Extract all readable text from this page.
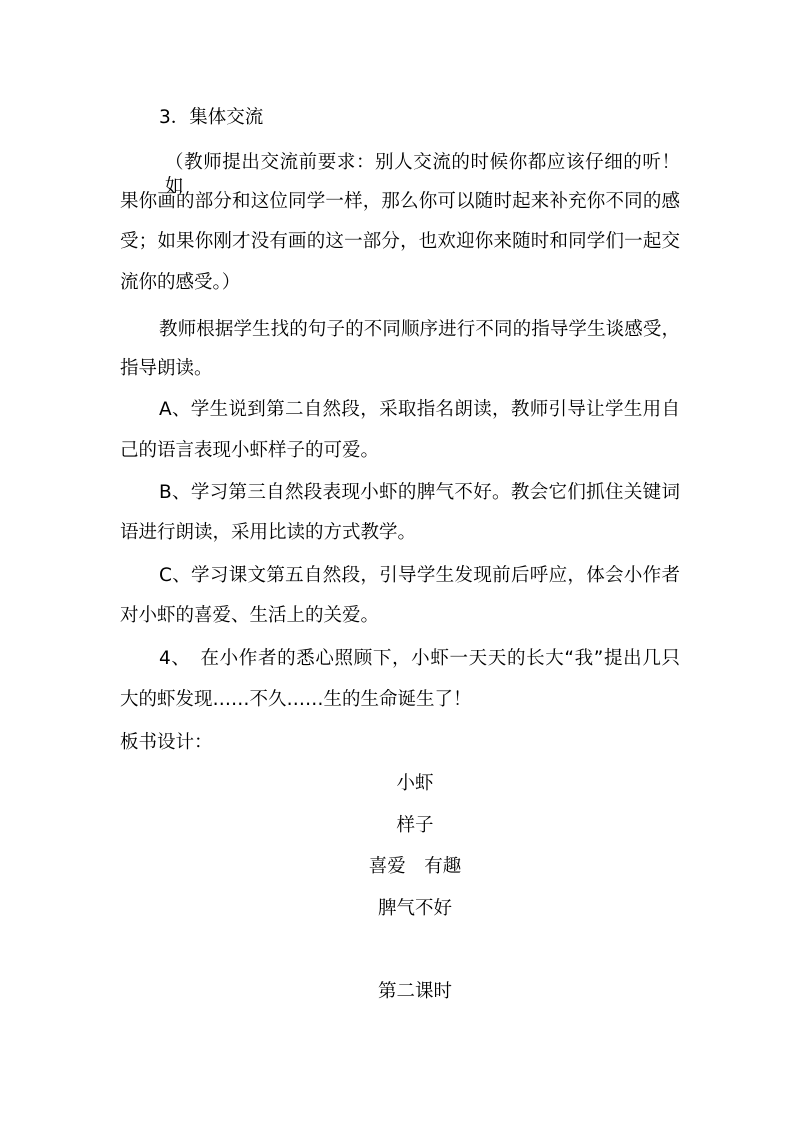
3．集体交流
（教师提出交流前要求：别人交流的时候你都应该仔细的听！如
果你画的部分和这位同学一样，那么你可以随时起来补充你不同的感
受；如果你刚才没有画的这一部分，也欢迎你来随时和同学们一起交
流你的感受。）
教师根据学生找的句子的不同顺序进行不同的指导学生谈感受，
指导朗读。
A、学生说到第二自然段，采取指名朗读，教师引导让学生用自
己的语言表现小虾样子的可爱。
B、学习第三自然段表现小虾的脾气不好。教会它们抓住关键词
语进行朗读，采用比读的方式教学。
C、学习课文第五自然段，引导学生发现前后呼应，体会小作者
对小虾的喜爱、生活上的关爱。
4、　在小作者的悉心照顾下，小虾一天天的长大“我”提出几只
大的虾发现……不久……生的生命诞生了！
板书设计：
小虾
样子
喜爱　有趣
脾气不好
第二课时
